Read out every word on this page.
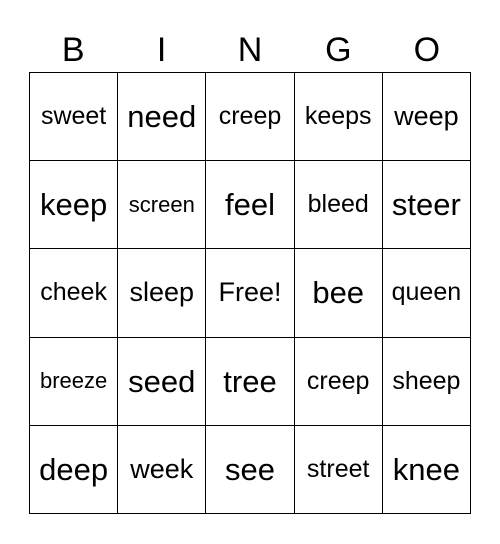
B	I	N	G	O
sweet need creep keeps weep
keep screen feel	bleed steer
cheek sleep Free! bee	queen
breeze seed tree	creep sheep
deep week	see	street knee
